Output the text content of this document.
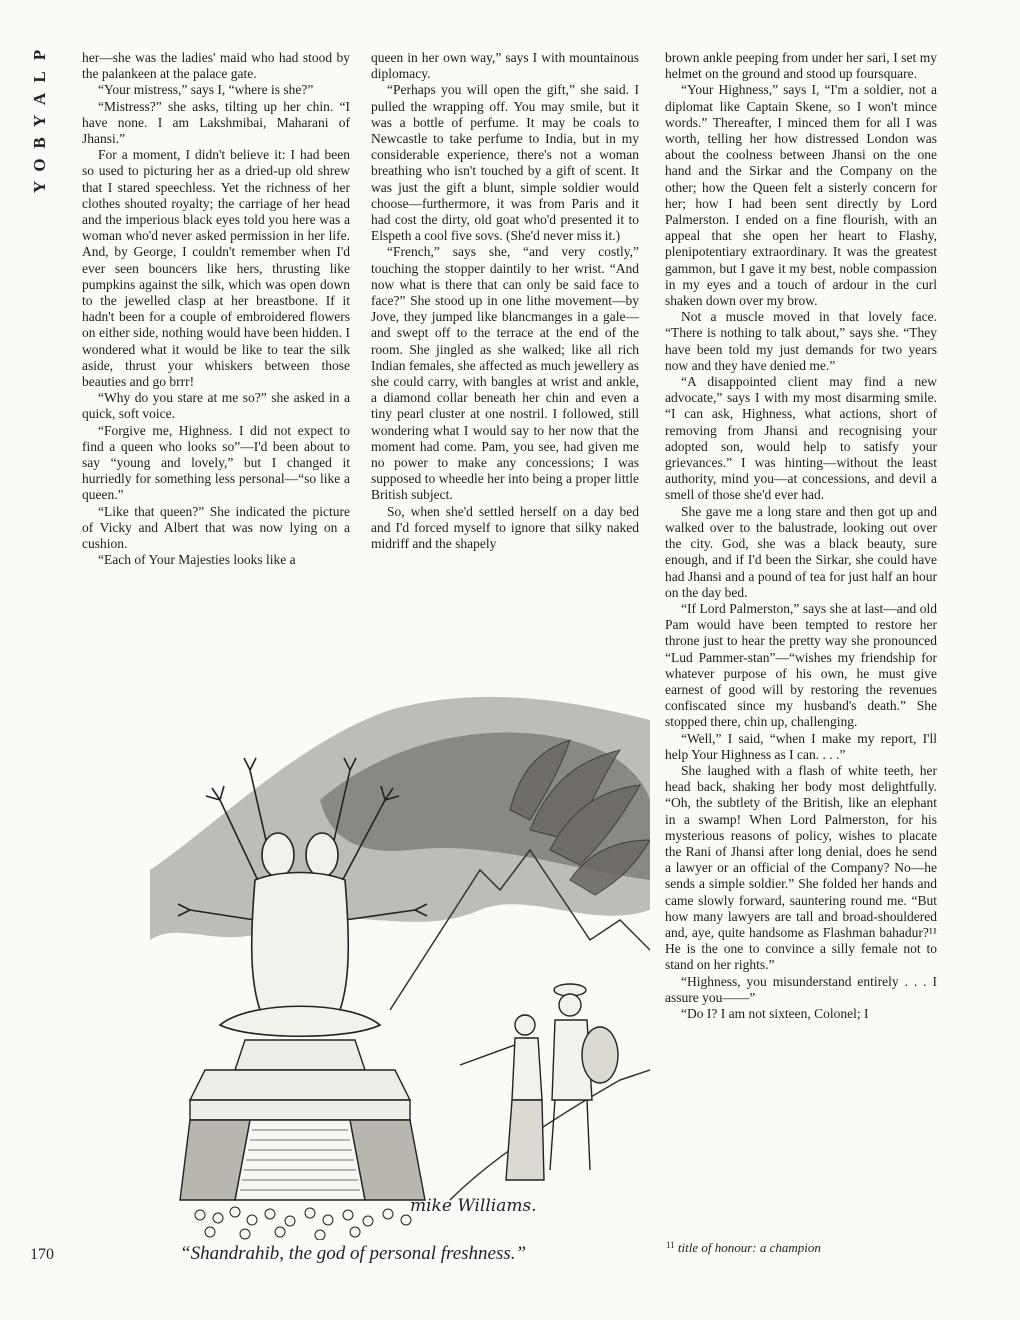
P
L
A
Y
B
O
Y

her—she was the ladies' maid who had stood by the palankeen at the palace gate.

“Your mistress,” says I, “where is she?”

“Mistress?” she asks, tilting up her chin. “I have none. I am Lakshmibai, Maharani of Jhansi.”

For a moment, I didn't believe it: I had been so used to picturing her as a dried-up old shrew that I stared speechless. Yet the richness of her clothes shouted royalty; the carriage of her head and the imperious black eyes told you here was a woman who'd never asked permission in her life. And, by George, I couldn't remember when I'd ever seen bouncers like hers, thrusting like pumpkins against the silk, which was open down to the jewelled clasp at her breastbone. If it hadn't been for a couple of embroidered flowers on either side, nothing would have been hidden. I wondered what it would be like to tear the silk aside, thrust your whiskers between those beauties and go brrr!

“Why do you stare at me so?” she asked in a quick, soft voice.

“Forgive me, Highness. I did not expect to find a queen who looks so”—I'd been about to say “young and lovely,” but I changed it hurriedly for something less personal—“so like a queen.”

“Like that queen?” She indicated the picture of Vicky and Albert that was now lying on a cushion.

“Each of Your Majesties looks like a

queen in her own way,” says I with mountainous diplomacy.

“Perhaps you will open the gift,” she said. I pulled the wrapping off. You may smile, but it was a bottle of perfume. It may be coals to Newcastle to take perfume to India, but in my considerable experience, there's not a woman breathing who isn't touched by a gift of scent. It was just the gift a blunt, simple soldier would choose—furthermore, it was from Paris and it had cost the dirty, old goat who'd presented it to Elspeth a cool five sovs. (She'd never miss it.)

“French,” says she, “and very costly,” touching the stopper daintily to her wrist. “And now what is there that can only be said face to face?” She stood up in one lithe movement—by Jove, they jumped like blancmanges in a gale—and swept off to the terrace at the end of the room. She jingled as she walked; like all rich Indian females, she affected as much jewellery as she could carry, with bangles at wrist and ankle, a diamond collar beneath her chin and even a tiny pearl cluster at one nostril. I followed, still wondering what I would say to her now that the moment had come. Pam, you see, had given me no power to make any concessions; I was supposed to wheedle her into being a proper little British subject.

So, when she'd settled herself on a day bed and I'd forced myself to ignore that silky naked midriff and the shapely

brown ankle peeping from under her sari, I set my helmet on the ground and stood up foursquare.

“Your Highness,” says I, “I'm a soldier, not a diplomat like Captain Skene, so I won't mince words.” Thereafter, I minced them for all I was worth, telling her how distressed London was about the coolness between Jhansi on the one hand and the Sirkar and the Company on the other; how the Queen felt a sisterly concern for her; how I had been sent directly by Lord Palmerston. I ended on a fine flourish, with an appeal that she open her heart to Flashy, plenipotentiary extraordinary. It was the greatest gammon, but I gave it my best, noble compassion in my eyes and a touch of ardour in the curl shaken down over my brow.

Not a muscle moved in that lovely face. “There is nothing to talk about,” says she. “They have been told my just demands for two years now and they have denied me.”

“A disappointed client may find a new advocate,” says I with my most disarming smile. “I can ask, Highness, what actions, short of removing from Jhansi and recognising your adopted son, would help to satisfy your grievances.” I was hinting—without the least authority, mind you—at concessions, and devil a smell of those she'd ever had.

She gave me a long stare and then got up and walked over to the balustrade, looking out over the city. God, she was a black beauty, sure enough, and if I'd been the Sirkar, she could have had Jhansi and a pound of tea for just half an hour on the day bed.

“If Lord Palmerston,” says she at last—and old Pam would have been tempted to restore her throne just to hear the pretty way she pronounced “Lud Pammer-stan”—“wishes my friendship for whatever purpose of his own, he must give earnest of good will by restoring the revenues confiscated since my husband's death.” She stopped there, chin up, challenging.

“Well,” I said, “when I make my report, I'll help Your Highness as I can. . . .”

She laughed with a flash of white teeth, her head back, shaking her body most delightfully. “Oh, the subtlety of the British, like an elephant in a swamp! When Lord Palmerston, for his mysterious reasons of policy, wishes to placate the Rani of Jhansi after long denial, does he send a lawyer or an official of the Company? No—he sends a simple soldier.” She folded her hands and came slowly forward, sauntering round me. “But how many lawyers are tall and broad-shouldered and, aye, quite handsome as Flashman bahadur?¹¹ He is the one to convince a silly female not to stand on her rights.”

“Highness, you misunderstand entirely . . . I assure you——”

“Do I? I am not sixteen, Colonel; I

mike Williams.
“Shandrahib, the god of personal freshness.”
170
$^{11}$ title of honour: a champion
